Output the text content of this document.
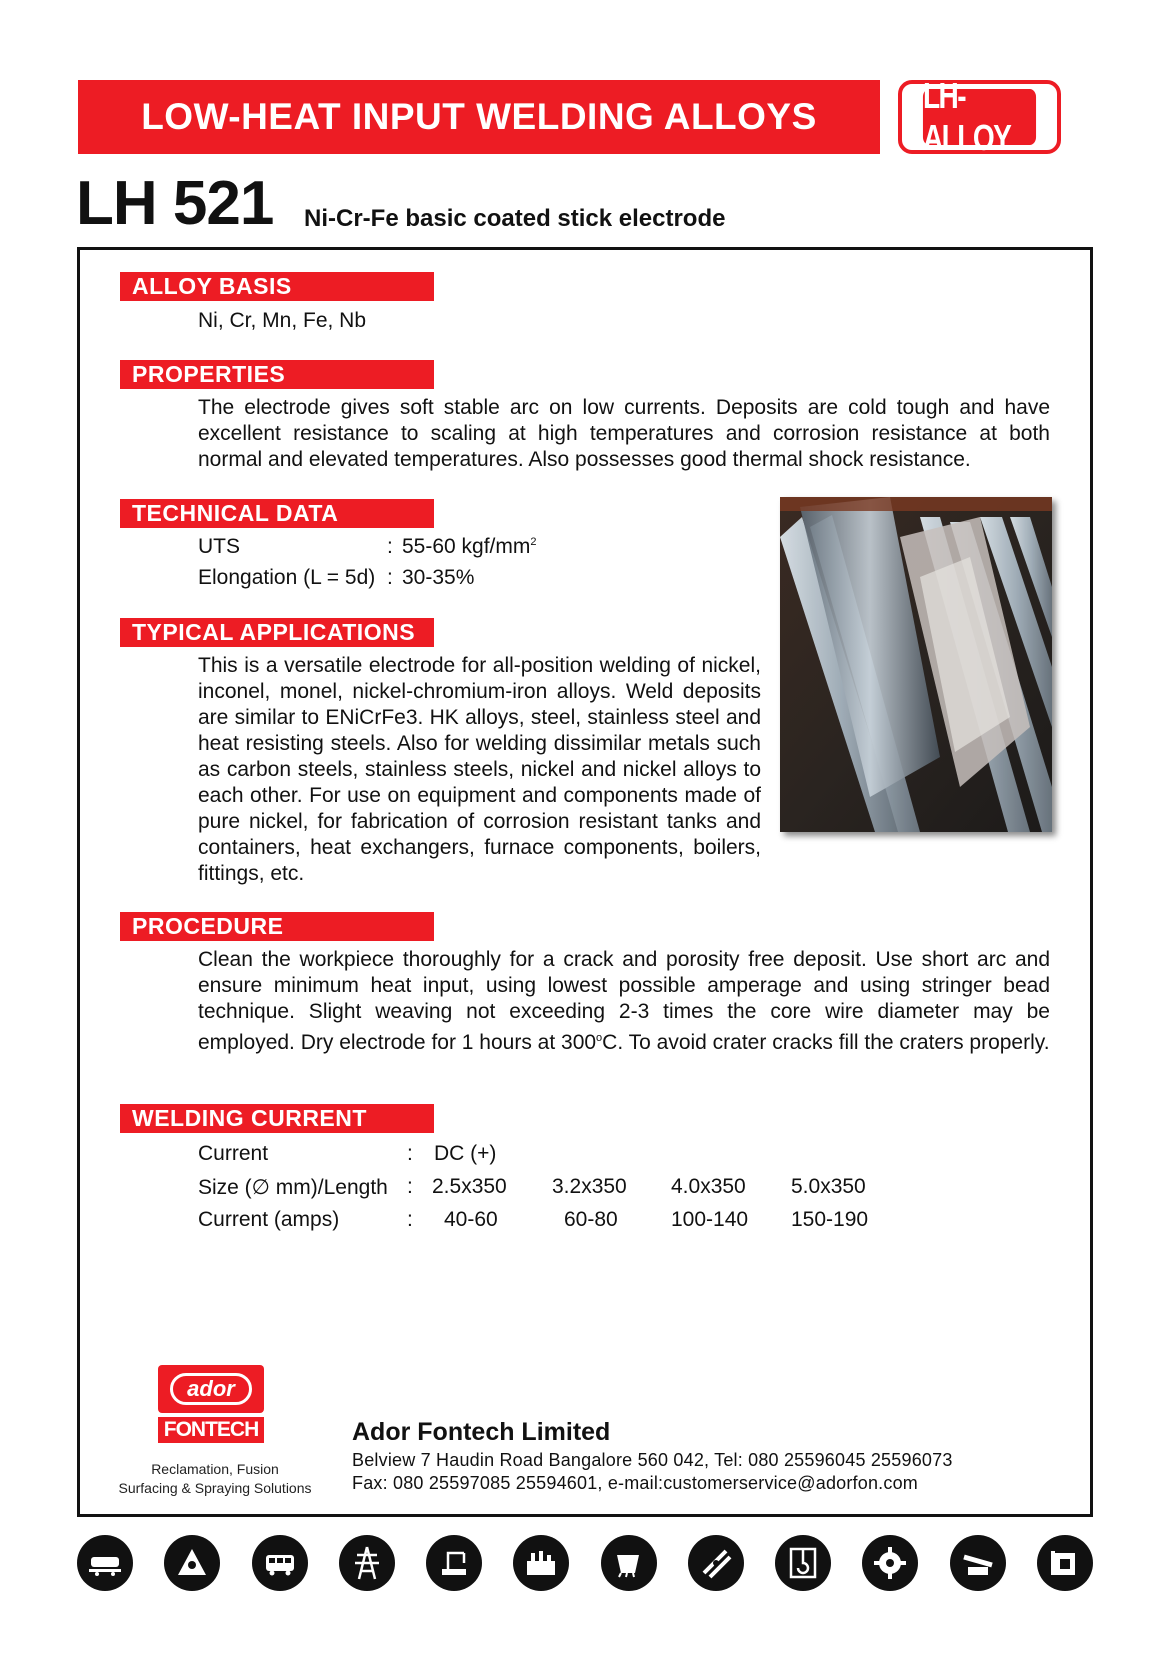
LOW-HEAT INPUT WELDING ALLOYS
LH-ALLOY
LH 521 Ni-Cr-Fe basic coated stick electrode
ALLOY BASIS
Ni, Cr, Mn, Fe, Nb
PROPERTIES
The electrode gives soft stable arc on low currents. Deposits are cold tough and have excellent resistance to scaling at high temperatures and corrosion resistance at both normal and elevated temperatures. Also possesses good thermal shock resistance.
TECHNICAL DATA
UTS	: 55-60 kgf/$mm^2$
Elongation (L = 5d) : 30-35%
TYPICAL APPLICATIONS
This is a versatile electrode for all-position welding of nickel, inconel, monel, nickel-chromium-iron alloys. Weld deposits are similar to ENiCrFe3. HK alloys, steel, stainless steel and heat resisting steels. Also for welding dissimilar metals such as carbon steels, stainless steels, nickel and nickel alloys to each other. For use on equipment and components made of pure nickel, for fabrication of corrosion resistant tanks and containers, heat exchangers, furnace components, boilers, fittings, etc.
PROCEDURE
Clean the workpiece thoroughly for a crack and porosity free deposit. Use short arc and ensure minimum heat input, using lowest possible amperage and using stringer bead technique. Slight weaving not exceeding 2-3 times the core wire diameter may be employed. Dry electrode for 1 hours at 300$^o$C. To avoid crater cracks fill the craters properly.
WELDING CURRENT
Current	: DC (+)
Size (∅ mm)/Length : 2.5x350 3.2x350 4.0x350 5.0x350
Current (amps)	: 40-60	60-80	100-140 150-190
ador
FONTECH
Reclamation, Fusion
Surfacing & Spraying Solutions
Ador Fontech Limited
Belview 7 Haudin Road Bangalore 560 042, Tel: 080 25596045 25596073
Fax: 080 25597085 25594601, e-mail:customerservice@adorfon.com
